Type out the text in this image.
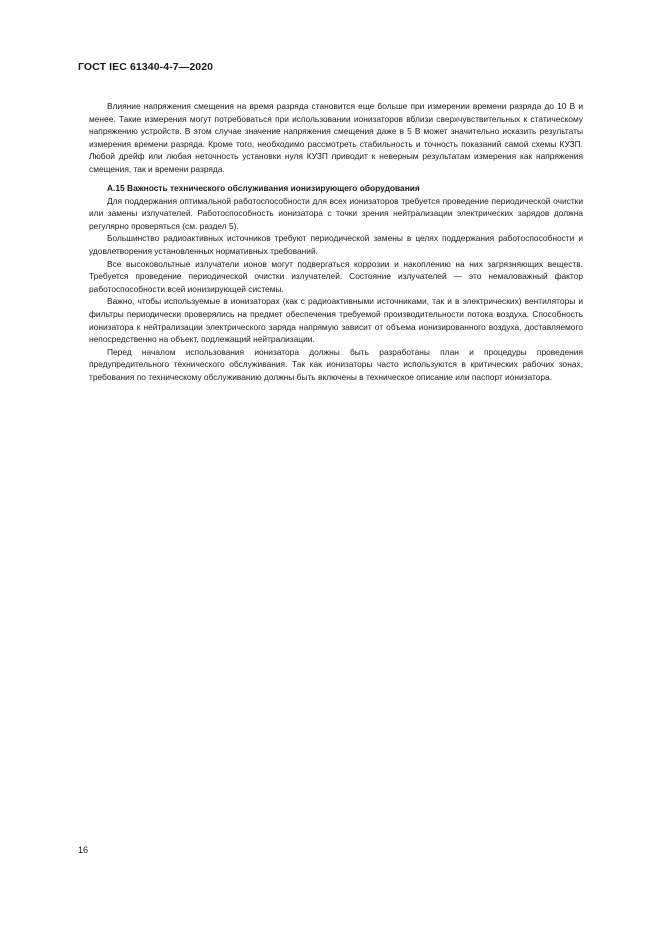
ГОСТ IEC 61340-4-7—2020

Влияние напряжения смещения на время разряда становится еще больше при измерении времени разряда до 10 В и менее. Такие измерения могут потребоваться при использовании ионизаторов вблизи сверхчувствительных к статическому напряжению устройств. В этом случае значение напряжения смещения даже в 5 В может значительно исказить результаты измерения времени разряда. Кроме того, необходимо рассмотреть стабильность и точность показаний самой схемы КУЗП. Любой дрейф или любая неточность установки нуля КУЗП приводит к неверным результатам измерения как напряжения смещения, так и времени разряда.

А.15 Важность технического обслуживания ионизирующего оборудования

Для поддержания оптимальной работоспособности для всех ионизаторов требуется проведение периодической очистки или замены излучателей. Работоспособность ионизатора с точки зрения нейтрализации электрических зарядов должна регулярно проверяться (см. раздел 5).

Большинство радиоактивных источников требуют периодической замены в целях поддержания работоспособности и удовлетворения установленных нормативных требований.

Все высоковольтные излучатели ионов могут подвергаться коррозии и накоплению на них загрязняющих веществ. Требуется проведение периодической очистки излучателей. Состояние излучателей — это немаловажный фактор работоспособности всей ионизирующей системы.

Важно, чтобы используемые в ионизаторах (как с радиоактивными источниками, так и в электрических) вентиляторы и фильтры периодически проверялись на предмет обеспечения требуемой производительности потока воздуха. Способность ионизатора к нейтрализации электрического заряда напрямую зависит от объема ионизированного воздуха, доставляемого непосредственно на объект, подлежащий нейтрализации.

Перед началом использования ионизатора должны быть разработаны план и процедуры проведения предупредительного технического обслуживания. Так как ионизаторы часто используются в критических рабочих зонах, требования по техническому обслуживанию должны быть включены в техническое описание или паспорт ионизатора.

16
